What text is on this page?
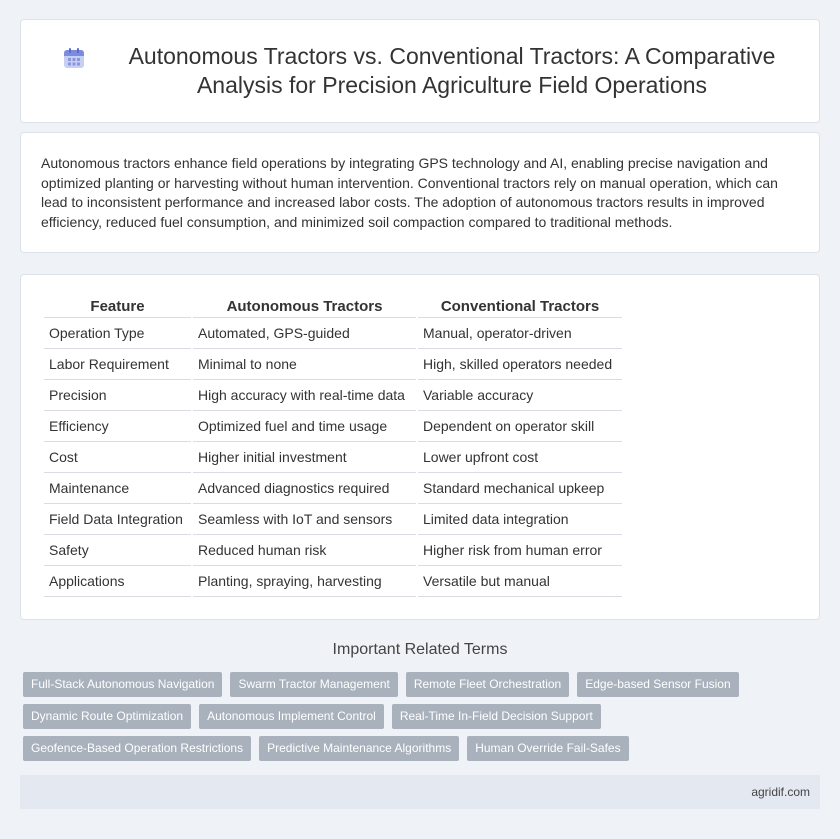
Autonomous Tractors vs. Conventional Tractors: A Comparative Analysis for Precision Agriculture Field Operations

Autonomous tractors enhance field operations by integrating GPS technology and AI, enabling precise navigation and optimized planting or harvesting without human intervention. Conventional tractors rely on manual operation, which can lead to inconsistent performance and increased labor costs. The adoption of autonomous tractors results in improved efficiency, reduced fuel consumption, and minimized soil compaction compared to traditional methods.

Feature	Autonomous Tractors	Conventional Tractors
Operation Type	Automated, GPS-guided	Manual, operator-driven
Labor Requirement	Minimal to none	High, skilled operators needed
Precision	High accuracy with real-time data	Variable accuracy
Efficiency	Optimized fuel and time usage	Dependent on operator skill
Cost	Higher initial investment	Lower upfront cost
Maintenance	Advanced diagnostics required	Standard mechanical upkeep
Field Data Integration	Seamless with IoT and sensors	Limited data integration
Safety	Reduced human risk	Higher risk from human error
Applications	Planting, spraying, harvesting	Versatile but manual
Important Related Terms
Full-Stack Autonomous Navigation	Swarm Tractor Management	Remote Fleet Orchestration	Edge-based Sensor Fusion
Dynamic Route Optimization	Autonomous Implement Control	Real-Time In-Field Decision Support
Geofence-Based Operation Restrictions	Predictive Maintenance Algorithms	Human Override Fail-Safes
agridif.com
